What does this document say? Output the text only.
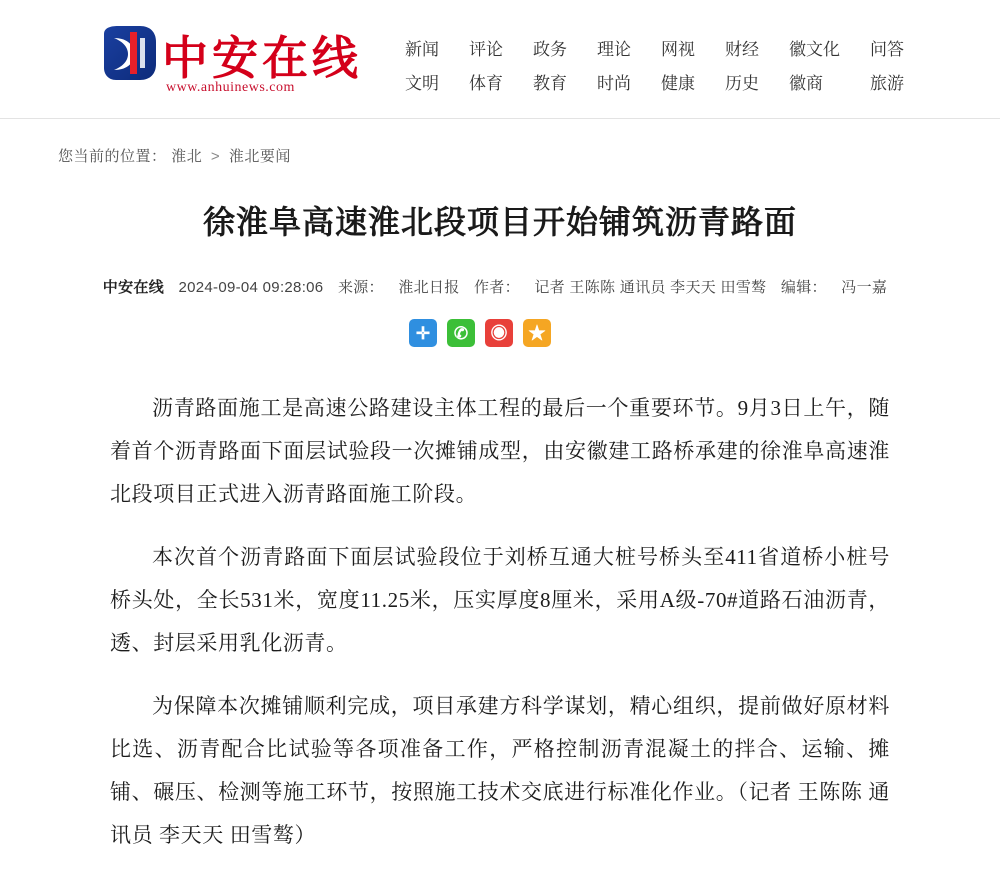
中安在线
www.anhuinews.com
新闻 评论 政务 理论 网视 财经 徽文化 问答
文明 体育 教育 时尚 健康 历史 徽商	旅游
您当前的位置： 淮北 > 淮北要闻
徐淮阜高速淮北段项目开始铺筑沥青路面
中安在线 2024-09-04 09:28:06 来源： 淮北日报 作者： 记者 王陈陈 通讯员 李天天 田雪骜 编辑： 冯一嘉
✛	✆	◉	★

沥青路面施工是高速公路建设主体工程的最后一个重要环节。9月3日上午，随着首个沥青路面下面层试验段一次摊铺成型，由安徽建工路桥承建的徐淮阜高速淮北段项目正式进入沥青路面施工阶段。

本次首个沥青路面下面层试验段位于刘桥互通大桩号桥头至411省道桥小桩号桥头处，全长531米，宽度11.25米，压实厚度8厘米，采用A级-70#道路石油沥青，透、封层采用乳化沥青。

为保障本次摊铺顺利完成，项目承建方科学谋划，精心组织，提前做好原材料比选、沥青配合比试验等各项准备工作，严格控制沥青混凝土的拌合、运输、摊铺、碾压、检测等施工环节，按照施工技术交底进行标准化作业。（记者 王陈陈 通讯员 李天天 田雪骜）
